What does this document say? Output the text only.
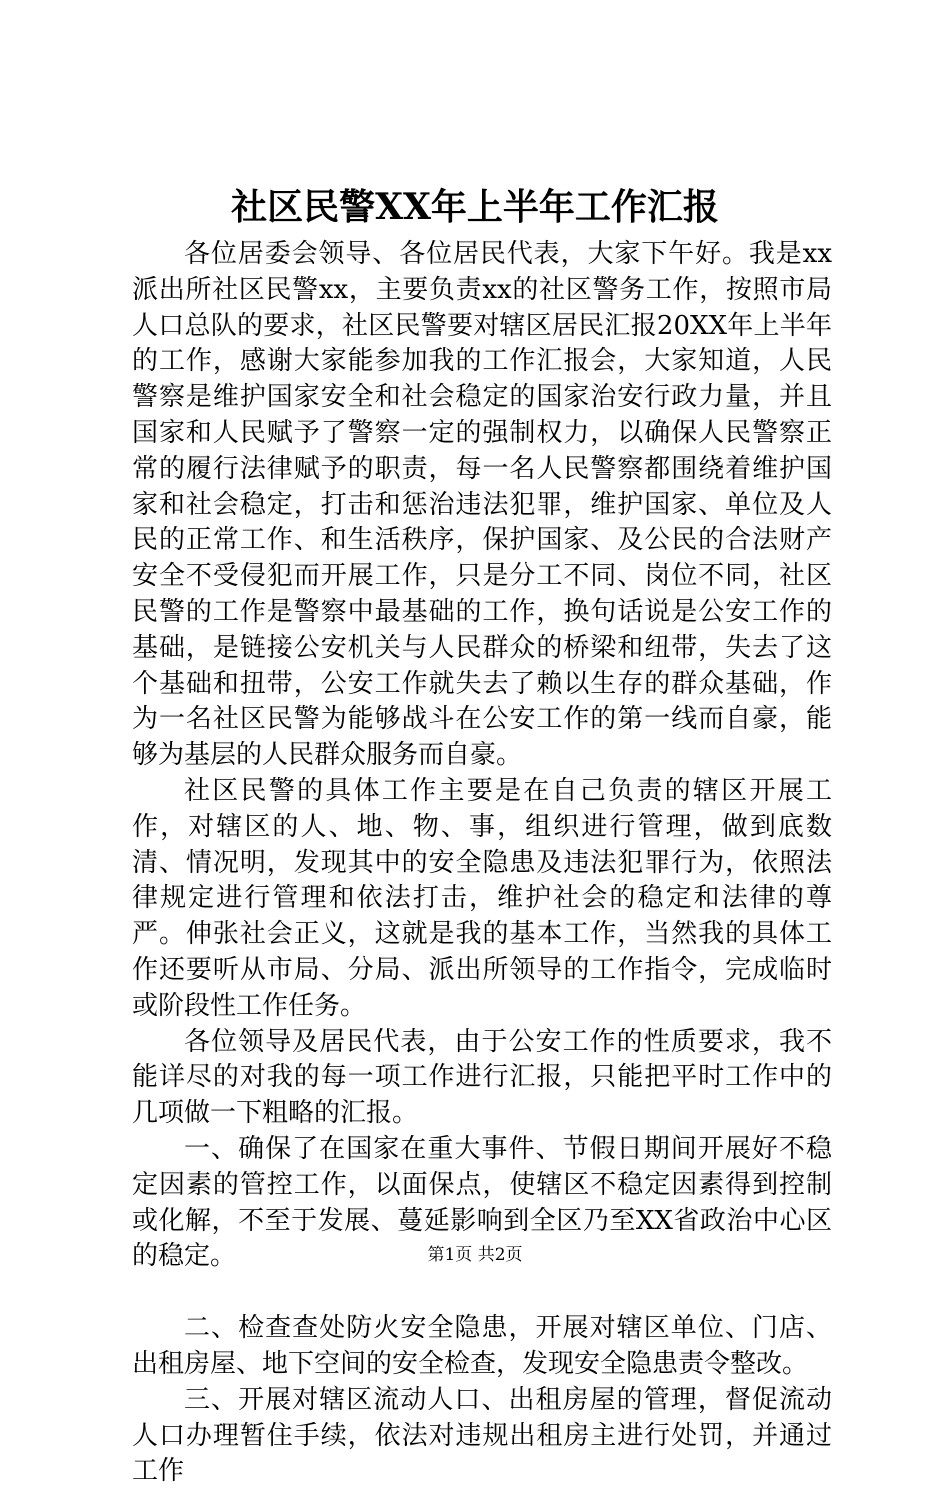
社区民警XX年上半年工作汇报

各位居委会领导、各位居民代表，大家下午好。我是xx派出所社区民警xx，主要负责xx的社区警务工作，按照市局人口总队的要求，社区民警要对辖区居民汇报20XX年上半年的工作，感谢大家能参加我的工作汇报会，大家知道，人民警察是维护国家安全和社会稳定的国家治安行政力量，并且国家和人民赋予了警察一定的强制权力，以确保人民警察正常的履行法律赋予的职责，每一名人民警察都围绕着维护国家和社会稳定，打击和惩治违法犯罪，维护国家、单位及人民的正常工作、和生活秩序，保护国家、及公民的合法财产安全不受侵犯而开展工作，只是分工不同、岗位不同，社区民警的工作是警察中最基础的工作，换句话说是公安工作的基础，是链接公安机关与人民群众的桥梁和纽带，失去了这个基础和扭带，公安工作就失去了赖以生存的群众基础，作为一名社区民警为能够战斗在公安工作的第一线而自豪，能够为基层的人民群众服务而自豪。

社区民警的具体工作主要是在自己负责的辖区开展工作，对辖区的人、地、物、事，组织进行管理，做到底数清、情况明，发现其中的安全隐患及违法犯罪行为，依照法律规定进行管理和依法打击，维护社会的稳定和法律的尊严。伸张社会正义，这就是我的基本工作，当然我的具体工作还要听从市局、分局、派出所领导的工作指令，完成临时或阶段性工作任务。

各位领导及居民代表，由于公安工作的性质要求，我不能详尽的对我的每一项工作进行汇报，只能把平时工作中的几项做一下粗略的汇报。

一、确保了在国家在重大事件、节假日期间开展好不稳定因素的管控工作，以面保点，使辖区不稳定因素得到控制或化解，不至于发展、蔓延影响到全区乃至XX省政治中心区的稳定。

二、检查查处防火安全隐患，开展对辖区单位、门店、出租房屋、地下空间的安全检查，发现安全隐患责令整改。

三、开展对辖区流动人口、出租房屋的管理，督促流动人口办理暂住手续，依法对违规出租房主进行处罚，并通过工作

第1页 共2页
